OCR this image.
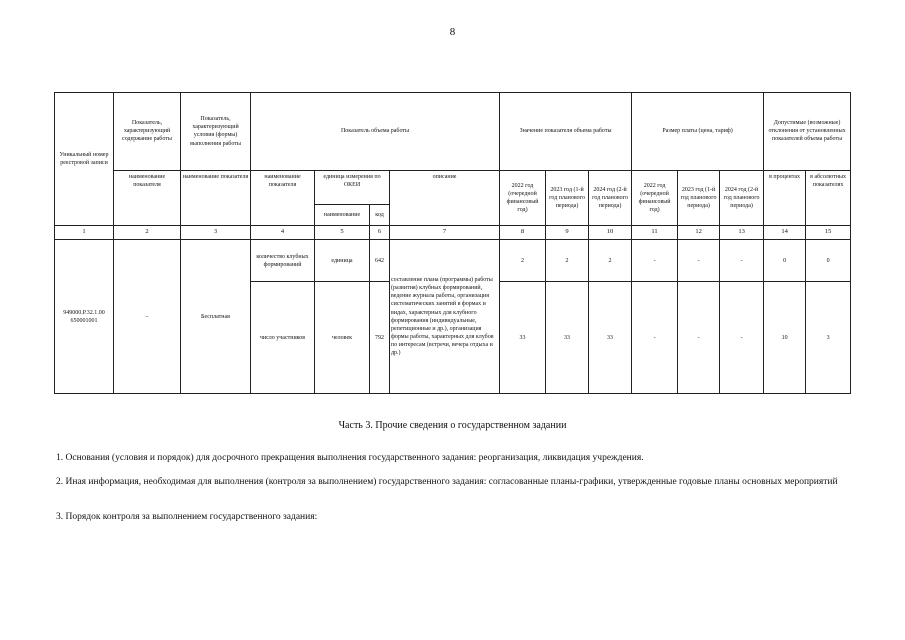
8
Уникальный номер реестровой записи	Показатель, характеризующий содержание работы	Показатель, характеризующий условия (формы) выполнения работы	Показатель объема работы				Значение показателя объема работы			Размер платы (цена, тариф)			Допустимые (возможные) отклонения от установленных показателей объема работы	
	наименование показателя	наименование показателя	наименование показателя	единица измерения по ОКЕИ		описание	2022 год (очередной финансовый год)	2023 год (1-й год планового периода)	2024 год (2-й год планового периода)	2022 год (очередной финансовый год)	2023 год (1-й год планового периода)	2024 год (2-й год планового периода)	в процентах	в абсолютных показателях
				наименование	код									
1	2	3	4	5	6	7	8	9	10	11	12	13	14	15
949000.Р.32.1.00 650001001	–	Бесплатная	количество клубных формирований	единица	642	составление плана (программы) работы (развития) клубных формирований, ведение журнала работы, организация систематических занятий в формах и видах, характерных для клубного формирования (индивидуальные, репетиционные и др.), организация формы работы, характерных для клубов по интересам (встречи, вечера отдыха и др.)	2	2	2	-	-	-	0	0
			число участников	человек	792		33	33	33	-	-	-	10	3
Часть 3. Прочие сведения о государственном задании
1. Основания (условия и порядок) для досрочного прекращения выполнения государственного задания: реорганизация, ликвидация учреждения.
2. Иная информация, необходимая для выполнения (контроля за выполнением) государственного задания: согласованные планы-графики, утвержденные годовые планы основных мероприятий
3. Порядок контроля за выполнением государственного задания:
